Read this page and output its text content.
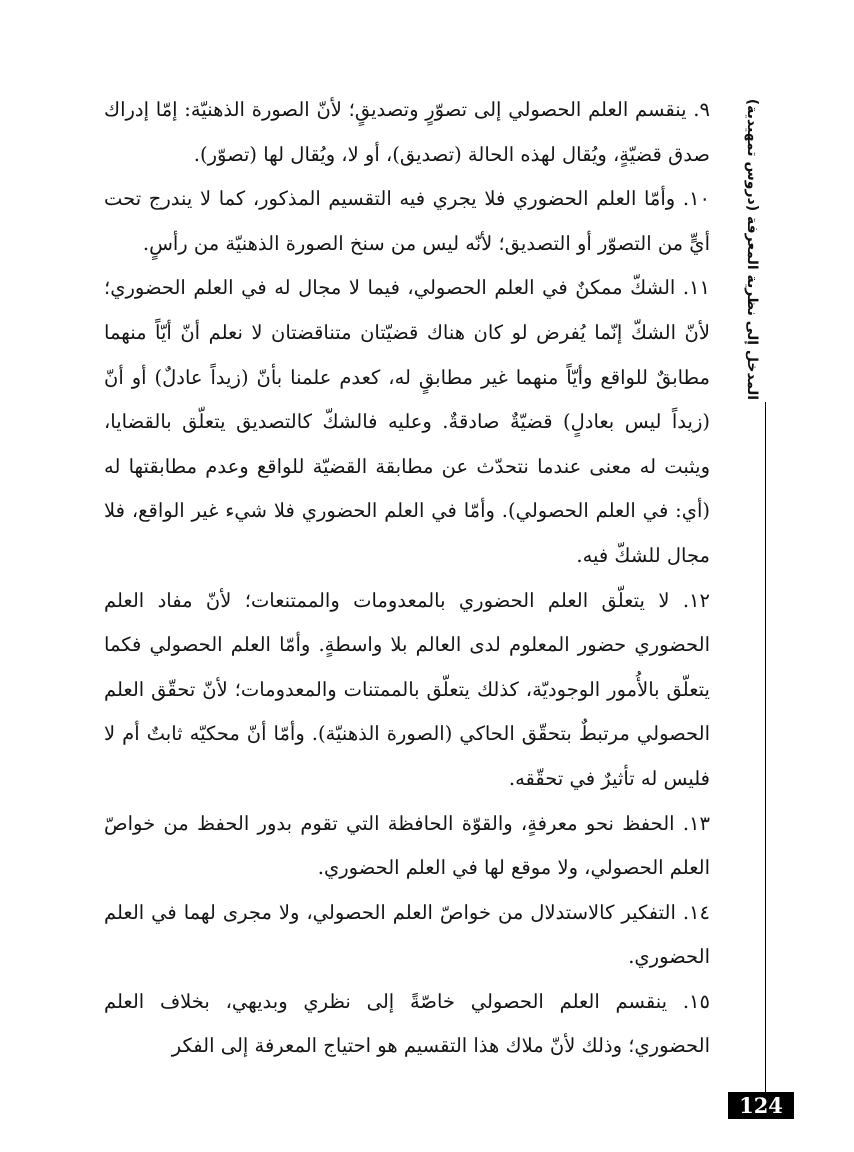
٩. ينقسم العلم الحصولي إلى تصوّرٍ وتصديقٍ؛ لأنّ الصورة الذهنيّة: إمّا إدراك صدق قضيّةٍ، ويُقال لهذه الحالة (تصديق)، أو لا، ويُقال لها (تصوّر).

١٠. وأمّا العلم الحضوري فلا يجري فيه التقسيم المذكور، كما لا يندرج تحت أيٍّ من التصوّر أو التصديق؛ لأنّه ليس من سنخ الصورة الذهنيّة من رأسٍ.

١١. الشكّ ممكنٌ في العلم الحصولي، فيما لا مجال له في العلم الحضوري؛ لأنّ الشكّ إنّما يُفرض لو كان هناك قضيّتان متناقضتان لا نعلم أنّ أيّاً منهما مطابقٌ للواقع وأيّاً منهما غير مطابقٍ له، كعدم علمنا بأنّ (زيداً عادلٌ) أو أنّ (زيداً ليس بعادلٍ) قضيّةٌ صادقةٌ. وعليه فالشكّ كالتصديق يتعلّق بالقضايا، ويثبت له معنى عندما نتحدّث عن مطابقة القضيّة للواقع وعدم مطابقتها له (أي: في العلم الحصولي). وأمّا في العلم الحضوري فلا شيء غير الواقع، فلا مجال للشكّ فيه.

١٢. لا يتعلّق العلم الحضوري بالمعدومات والممتنعات؛ لأنّ مفاد العلم الحضوري حضور المعلوم لدى العالم بلا واسطةٍ. وأمّا العلم الحصولي فكما يتعلّق بالأُمور الوجوديّة، كذلك يتعلّق بالممتنات والمعدومات؛ لأنّ تحقّق العلم الحصولي مرتبطٌ بتحقّق الحاكي (الصورة الذهنيّة). وأمّا أنّ محكيّه ثابتٌ أم لا فليس له تأثيرٌ في تحقّقه.

١٣. الحفظ نحو معرفةٍ، والقوّة الحافظة التي تقوم بدور الحفظ من خواصّ العلم الحصولي، ولا موقع لها في العلم الحضوري.

١٤. التفكير كالاستدلال من خواصّ العلم الحصولي، ولا مجرى لهما في العلم الحضوري.

١٥. ينقسم العلم الحصولي خاصّةً إلى نظري وبديهي، بخلاف العلم الحضوري؛ وذلك لأنّ ملاك هذا التقسيم هو احتياج المعرفة إلى الفكر

المدخل إلى نظرية المعرفة (دروس تمهيدية)
124
